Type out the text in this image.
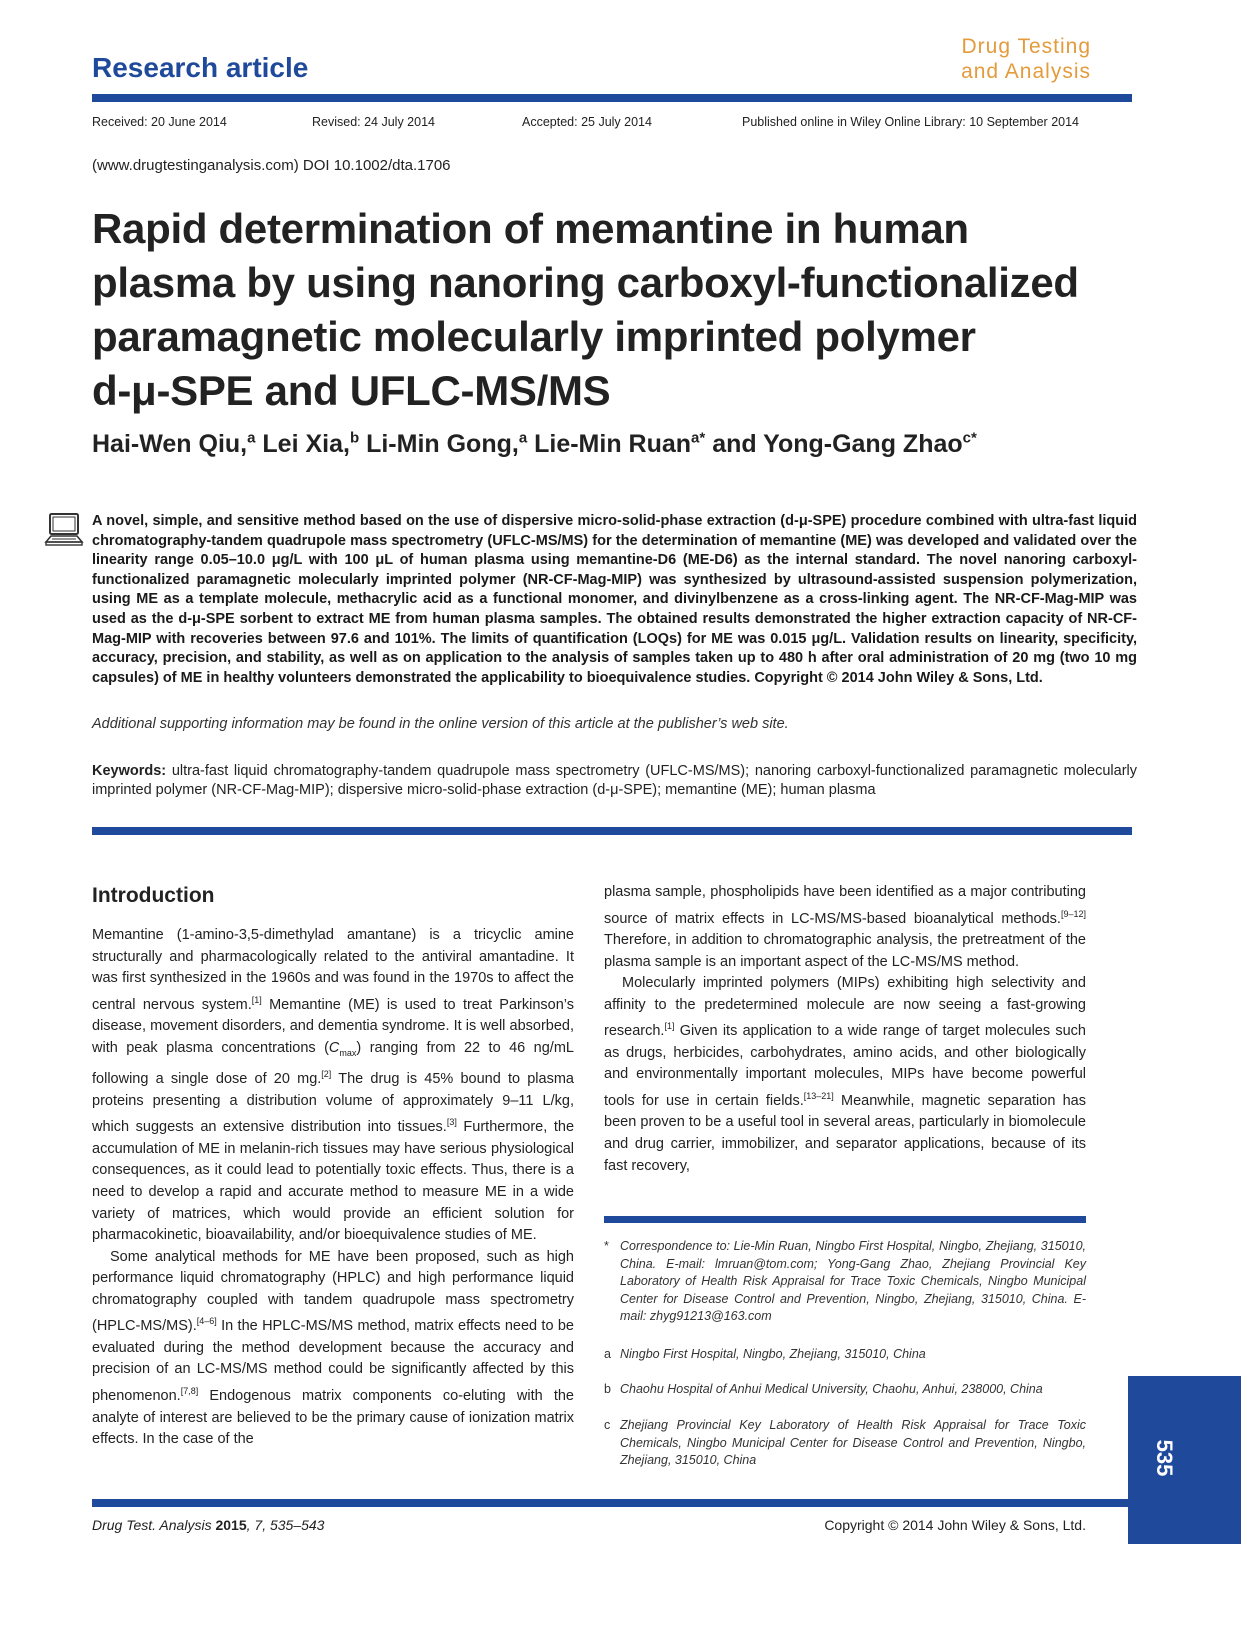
Research article
Drug Testing
and Analysis
Received: 20 June 2014	Revised: 24 July 2014	Accepted: 25 July 2014	Published online in Wiley Online Library: 10 September 2014
(www.drugtestinganalysis.com) DOI 10.1002/dta.1706
Rapid determination of memantine in human
plasma by using nanoring carboxyl-functionalized
paramagnetic molecularly imprinted polymer
d-μ-SPE and UFLC-MS/MS
Hai-Wen Qiu,$^a$ Lei Xia,$^b$ Li-Min Gong,$^a$ Lie-Min Ruan$^{a*}$ and Yong-Gang Zhao$^{c*}$
A novel, simple, and sensitive method based on the use of dispersive micro-solid-phase extraction (d-μ-SPE) procedure combined with ultra-fast liquid chromatography-tandem quadrupole mass spectrometry (UFLC-MS/MS) for the determination of memantine (ME) was developed and validated over the linearity range 0.05–10.0 μg/L with 100 μL of human plasma using memantine-D6 (ME-D6) as the internal standard. The novel nanoring carboxyl-functionalized paramagnetic molecularly imprinted polymer (NR-CF-Mag-MIP) was synthesized by ultrasound-assisted suspension polymerization, using ME as a template molecule, methacrylic acid as a functional monomer, and divinylbenzene as a cross-linking agent. The NR-CF-Mag-MIP was used as the d-μ-SPE sorbent to extract ME from human plasma samples. The obtained results demonstrated the higher extraction capacity of NR-CF-Mag-MIP with recoveries between 97.6 and 101%. The limits of quantification (LOQs) for ME was 0.015 μg/L. Validation results on linearity, specificity, accuracy, precision, and stability, as well as on application to the analysis of samples taken up to 480 h after oral administration of 20 mg (two 10 mg capsules) of ME in healthy volunteers demonstrated the applicability to bioequivalence studies. Copyright © 2014 John Wiley & Sons, Ltd.
Additional supporting information may be found in the online version of this article at the publisher’s web site.
Keywords: ultra-fast liquid chromatography-tandem quadrupole mass spectrometry (UFLC-MS/MS); nanoring carboxyl-functionalized paramagnetic molecularly imprinted polymer (NR-CF-Mag-MIP); dispersive micro-solid-phase extraction (d-μ-SPE); memantine (ME); human plasma
Introduction

Memantine (1-amino-3,5-dimethylad amantane) is a tricyclic amine structurally and pharmacologically related to the antiviral amantadine. It was first synthesized in the 1960s and was found in the 1970s to affect the central nervous system.[1] Memantine (ME) is used to treat Parkinson’s disease, movement disorders, and dementia syndrome. It is well absorbed, with peak plasma concentrations $(C_{max})$ ranging from 22 to 46 ng/mL following a single dose of 20 mg.[2] The drug is 45% bound to plasma proteins presenting a distribution volume of approximately 9–11 L/kg, which suggests an extensive distribution into tissues.[3] Furthermore, the accumulation of ME in melanin-rich tissues may have serious physiological consequences, as it could lead to potentially toxic effects. Thus, there is a need to develop a rapid and accurate method to measure ME in a wide variety of matrices, which would provide an efficient solution for pharmacokinetic, bioavailability, and/or bioequivalence studies of ME.

Some analytical methods for ME have been proposed, such as high performance liquid chromatography (HPLC) and high performance liquid chromatography coupled with tandem quadrupole mass spectrometry (HPLC-MS/MS).[4–6] In the HPLC-MS/MS method, matrix effects need to be evaluated during the method development because the accuracy and precision of an LC-MS/MS method could be significantly affected by this phenomenon.[7,8] Endogenous matrix components co-eluting with the analyte of interest are believed to be the primary cause of ionization matrix effects. In the case of the

plasma sample, phospholipids have been identified as a major contributing source of matrix effects in LC-MS/MS-based bioanalytical methods.[9–12] Therefore, in addition to chromatographic analysis, the pretreatment of the plasma sample is an important aspect of the LC-MS/MS method.

Molecularly imprinted polymers (MIPs) exhibiting high selectivity and affinity to the predetermined molecule are now seeing a fast-growing research.[1] Given its application to a wide range of target molecules such as drugs, herbicides, carbohydrates, amino acids, and other biologically and environmentally important molecules, MIPs have become powerful tools for use in certain fields.[13–21] Meanwhile, magnetic separation has been proven to be a useful tool in several areas, particularly in biomolecule and drug carrier, immobilizer, and separator applications, because of its fast recovery,

* Correspondence to: Lie-Min Ruan, Ningbo First Hospital, Ningbo, Zhejiang, 315010, China. E-mail: lmruan@tom.com; Yong-Gang Zhao, Zhejiang Provincial Key Laboratory of Health Risk Appraisal for Trace Toxic Chemicals, Ningbo Municipal Center for Disease Control and Prevention, Ningbo, Zhejiang, 315010, China. E-mail: zhyg91213@163.com
a Ningbo First Hospital, Ningbo, Zhejiang, 315010, China
b Chaohu Hospital of Anhui Medical University, Chaohu, Anhui, 238000, China
c Zhejiang Provincial Key Laboratory of Health Risk Appraisal for Trace Toxic Chemicals, Ningbo Municipal Center for Disease Control and Prevention, Ningbo, Zhejiang, 315010, China	535
Drug Test. Analysis 2015, 7, 535–543	Copyright © 2014 John Wiley & Sons, Ltd.
